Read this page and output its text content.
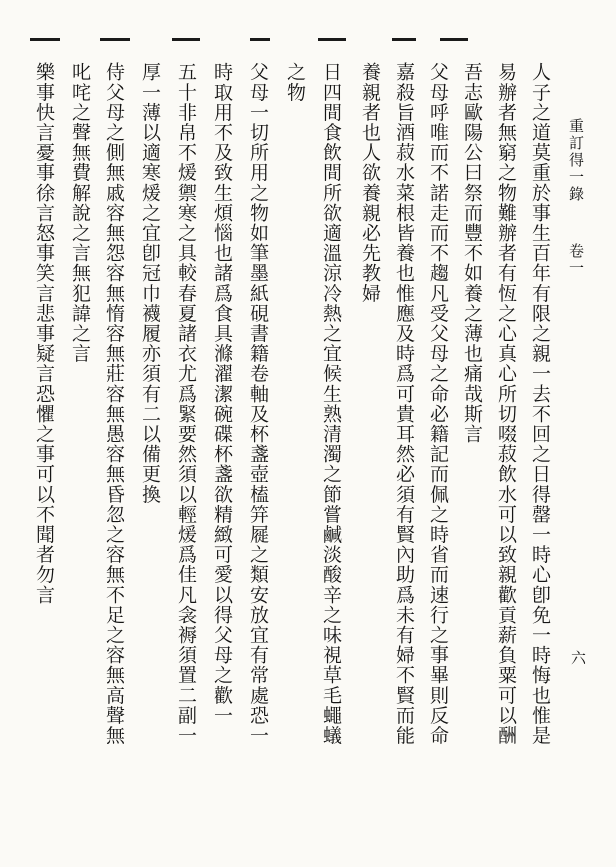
重訂得一錄 卷一
六
人子之道莫重於事生百年有限之親一去不回之日得罄一時心卽免一時悔也惟是
易辦者無窮之物難辦者有恆之心真心所切啜菽飲水可以致親歡貢薪負粟可以酬
吾志歐陽公曰祭而豐不如養之薄也痛哉斯言
父母呼唯而不諾走而不趨凡受父母之命必籍記而佩之時省而速行之事畢則反命
嘉殺旨酒菽水菜根皆養也惟應及時爲可貴耳然必須有賢內助爲未有婦不賢而能
養親者也人欲養親必先教婦
日四間食飲間所欲適溫涼冷熱之宜候生熟清濁之節嘗鹹淡酸辛之味視草毛蠅蟻
之物
父母一切所用之物如筆墨紙硯書籍卷軸及杯盞壺榼笄屣之類安放宜有常處恐一
時取用不及致生煩惱也諸爲食具滌濯潔碗碟杯盞欲精緻可愛以得父母之歡一
五十非帛不煖禦寒之具較春夏諸衣尤爲緊要然須以輕煖爲佳凡衾褥須置二副一
厚一薄以適寒煖之宜卽冠巾襪履亦須有二以備更換
侍父母之側無戚容無怨容無惰容無莊容無愚容無昏忽之容無不足之容無高聲無
叱咤之聲無費解說之言無犯諱之言
樂事快言憂事徐言怒事笑言悲事疑言恐懼之事可以不聞者勿言
